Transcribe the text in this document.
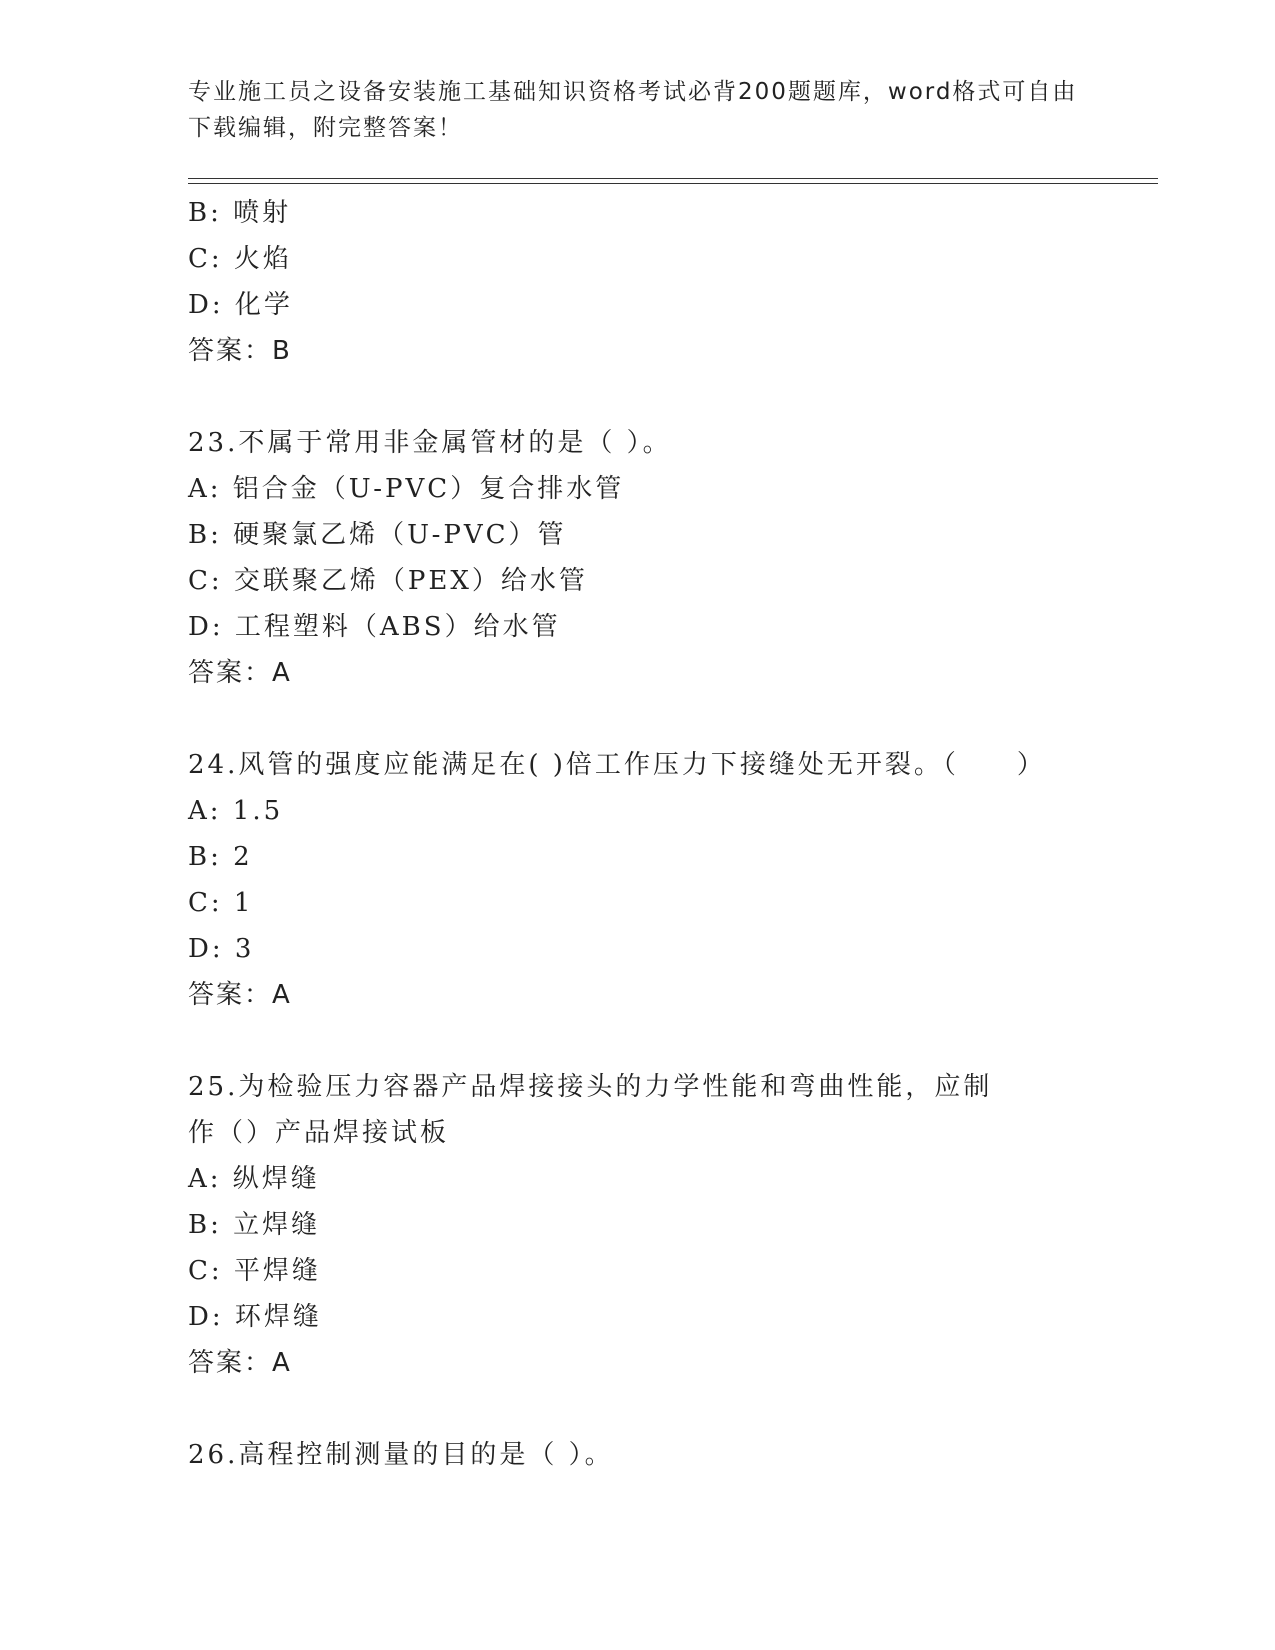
专业施工员之设备安装施工基础知识资格考试必背200题题库，word格式可自由下载编辑，附完整答案！
B: 喷射
C: 火焰
D: 化学
答案：B
23.不属于常用非金属管材的是（ ）。
A: 铝合金（U-PVC）复合排水管
B: 硬聚氯乙烯（U-PVC）管
C: 交联聚乙烯（PEX）给水管
D: 工程塑料（ABS）给水管
答案：A
24.风管的强度应能满足在( )倍工作压力下接缝处无开裂。（　　）
A: 1.5
B: 2
C: 1
D: 3
答案：A
25.为检验压力容器产品焊接接头的力学性能和弯曲性能，应制作（）产品焊接试板
A: 纵焊缝
B: 立焊缝
C: 平焊缝
D: 环焊缝
答案：A
26.高程控制测量的目的是（ ）。
